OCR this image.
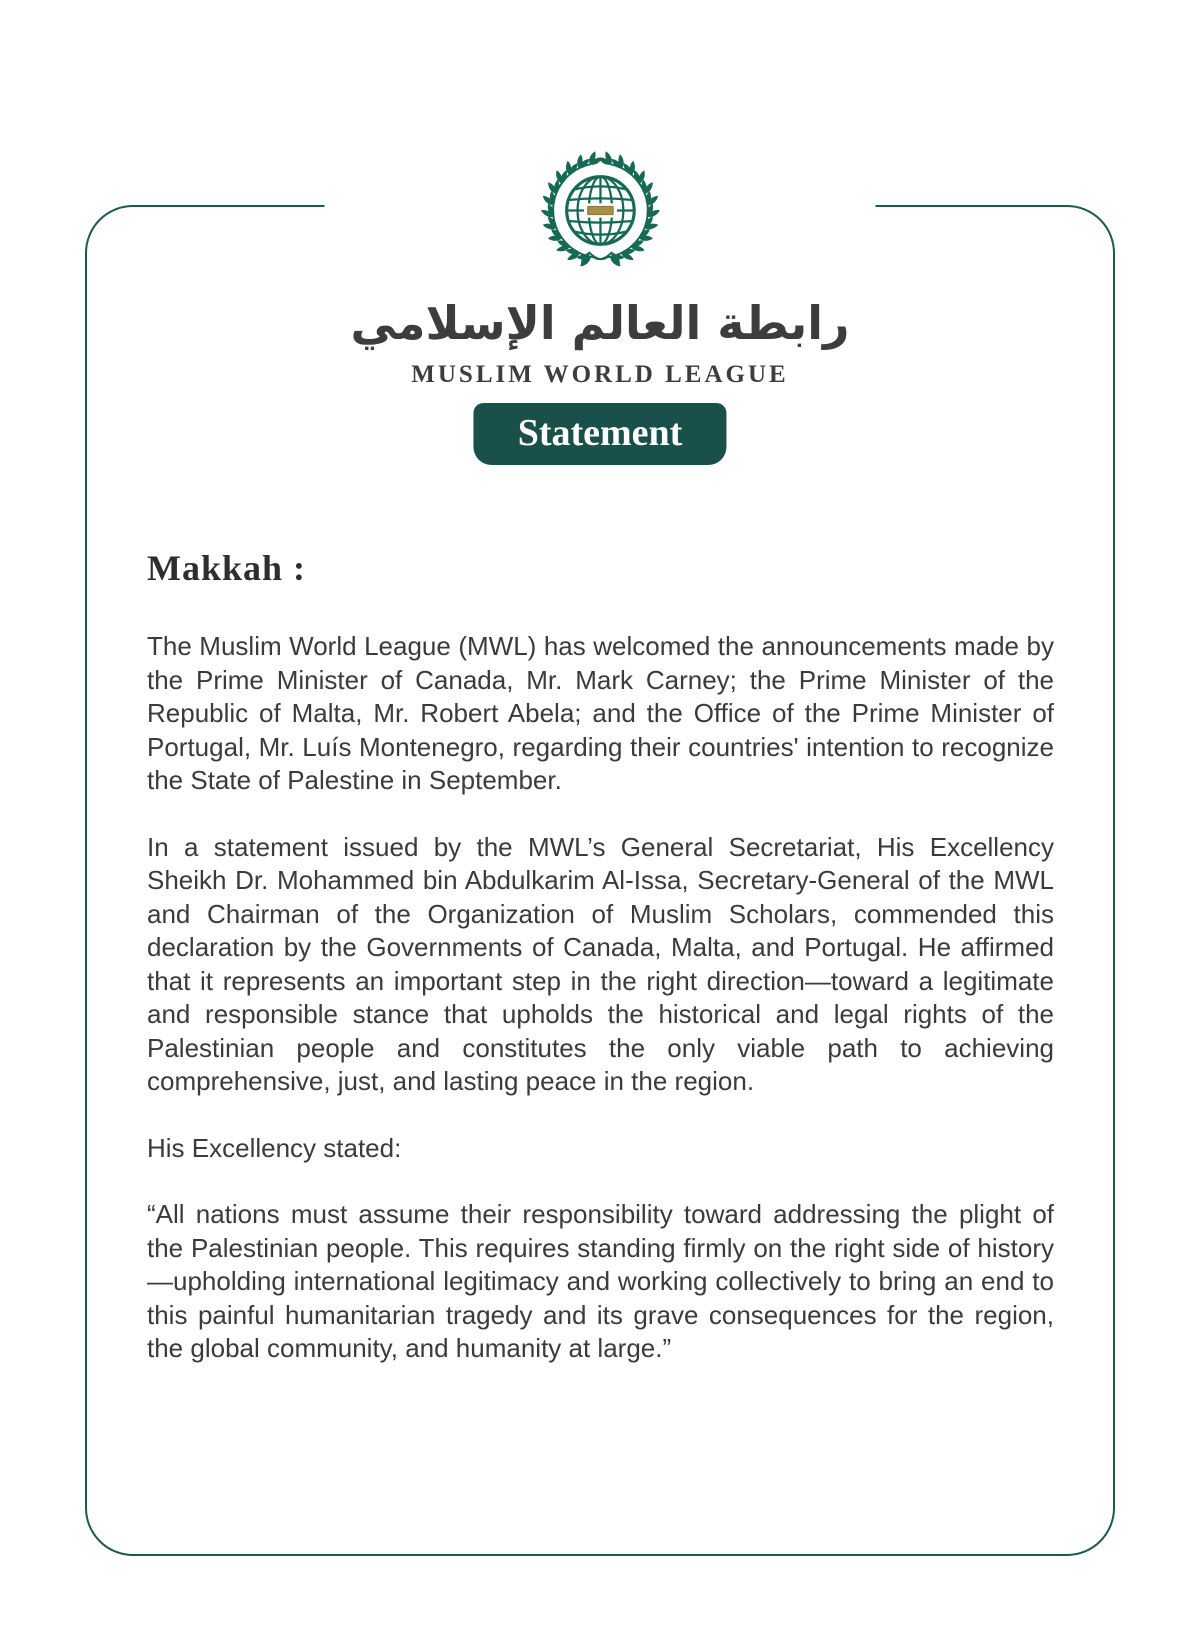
رابطة العالم الإسلامي
MUSLIM WORLD LEAGUE
Statement
Makkah :

The Muslim World League (MWL) has welcomed the announcements made by the Prime Minister of Canada, Mr. Mark Carney; the Prime Minister of the Republic of Malta, Mr. Robert Abela; and the Office of the Prime Minister of Portugal, Mr. Luís Montenegro, regarding their countries' intention to recognize the State of Palestine in September.

In a statement issued by the MWL’s General Secretariat, His Excellency Sheikh Dr. Mohammed bin Abdulkarim Al-Issa, Secretary-General of the MWL and Chairman of the Organization of Muslim Scholars, commended this declaration by the Governments of Canada, Malta, and Portugal. He affirmed that it represents an important step in the right direction—toward a legitimate and responsible stance that upholds the historical and legal rights of the Palestinian people and constitutes the only viable path to achieving comprehensive, just, and lasting peace in the region.

His Excellency stated:

“All nations must assume their responsibility toward addressing the plight of the Palestinian people. This requires standing firmly on the right side of history—upholding international legitimacy and working collectively to bring an end to this painful humanitarian tragedy and its grave consequences for the region, the global community, and humanity at large.”
